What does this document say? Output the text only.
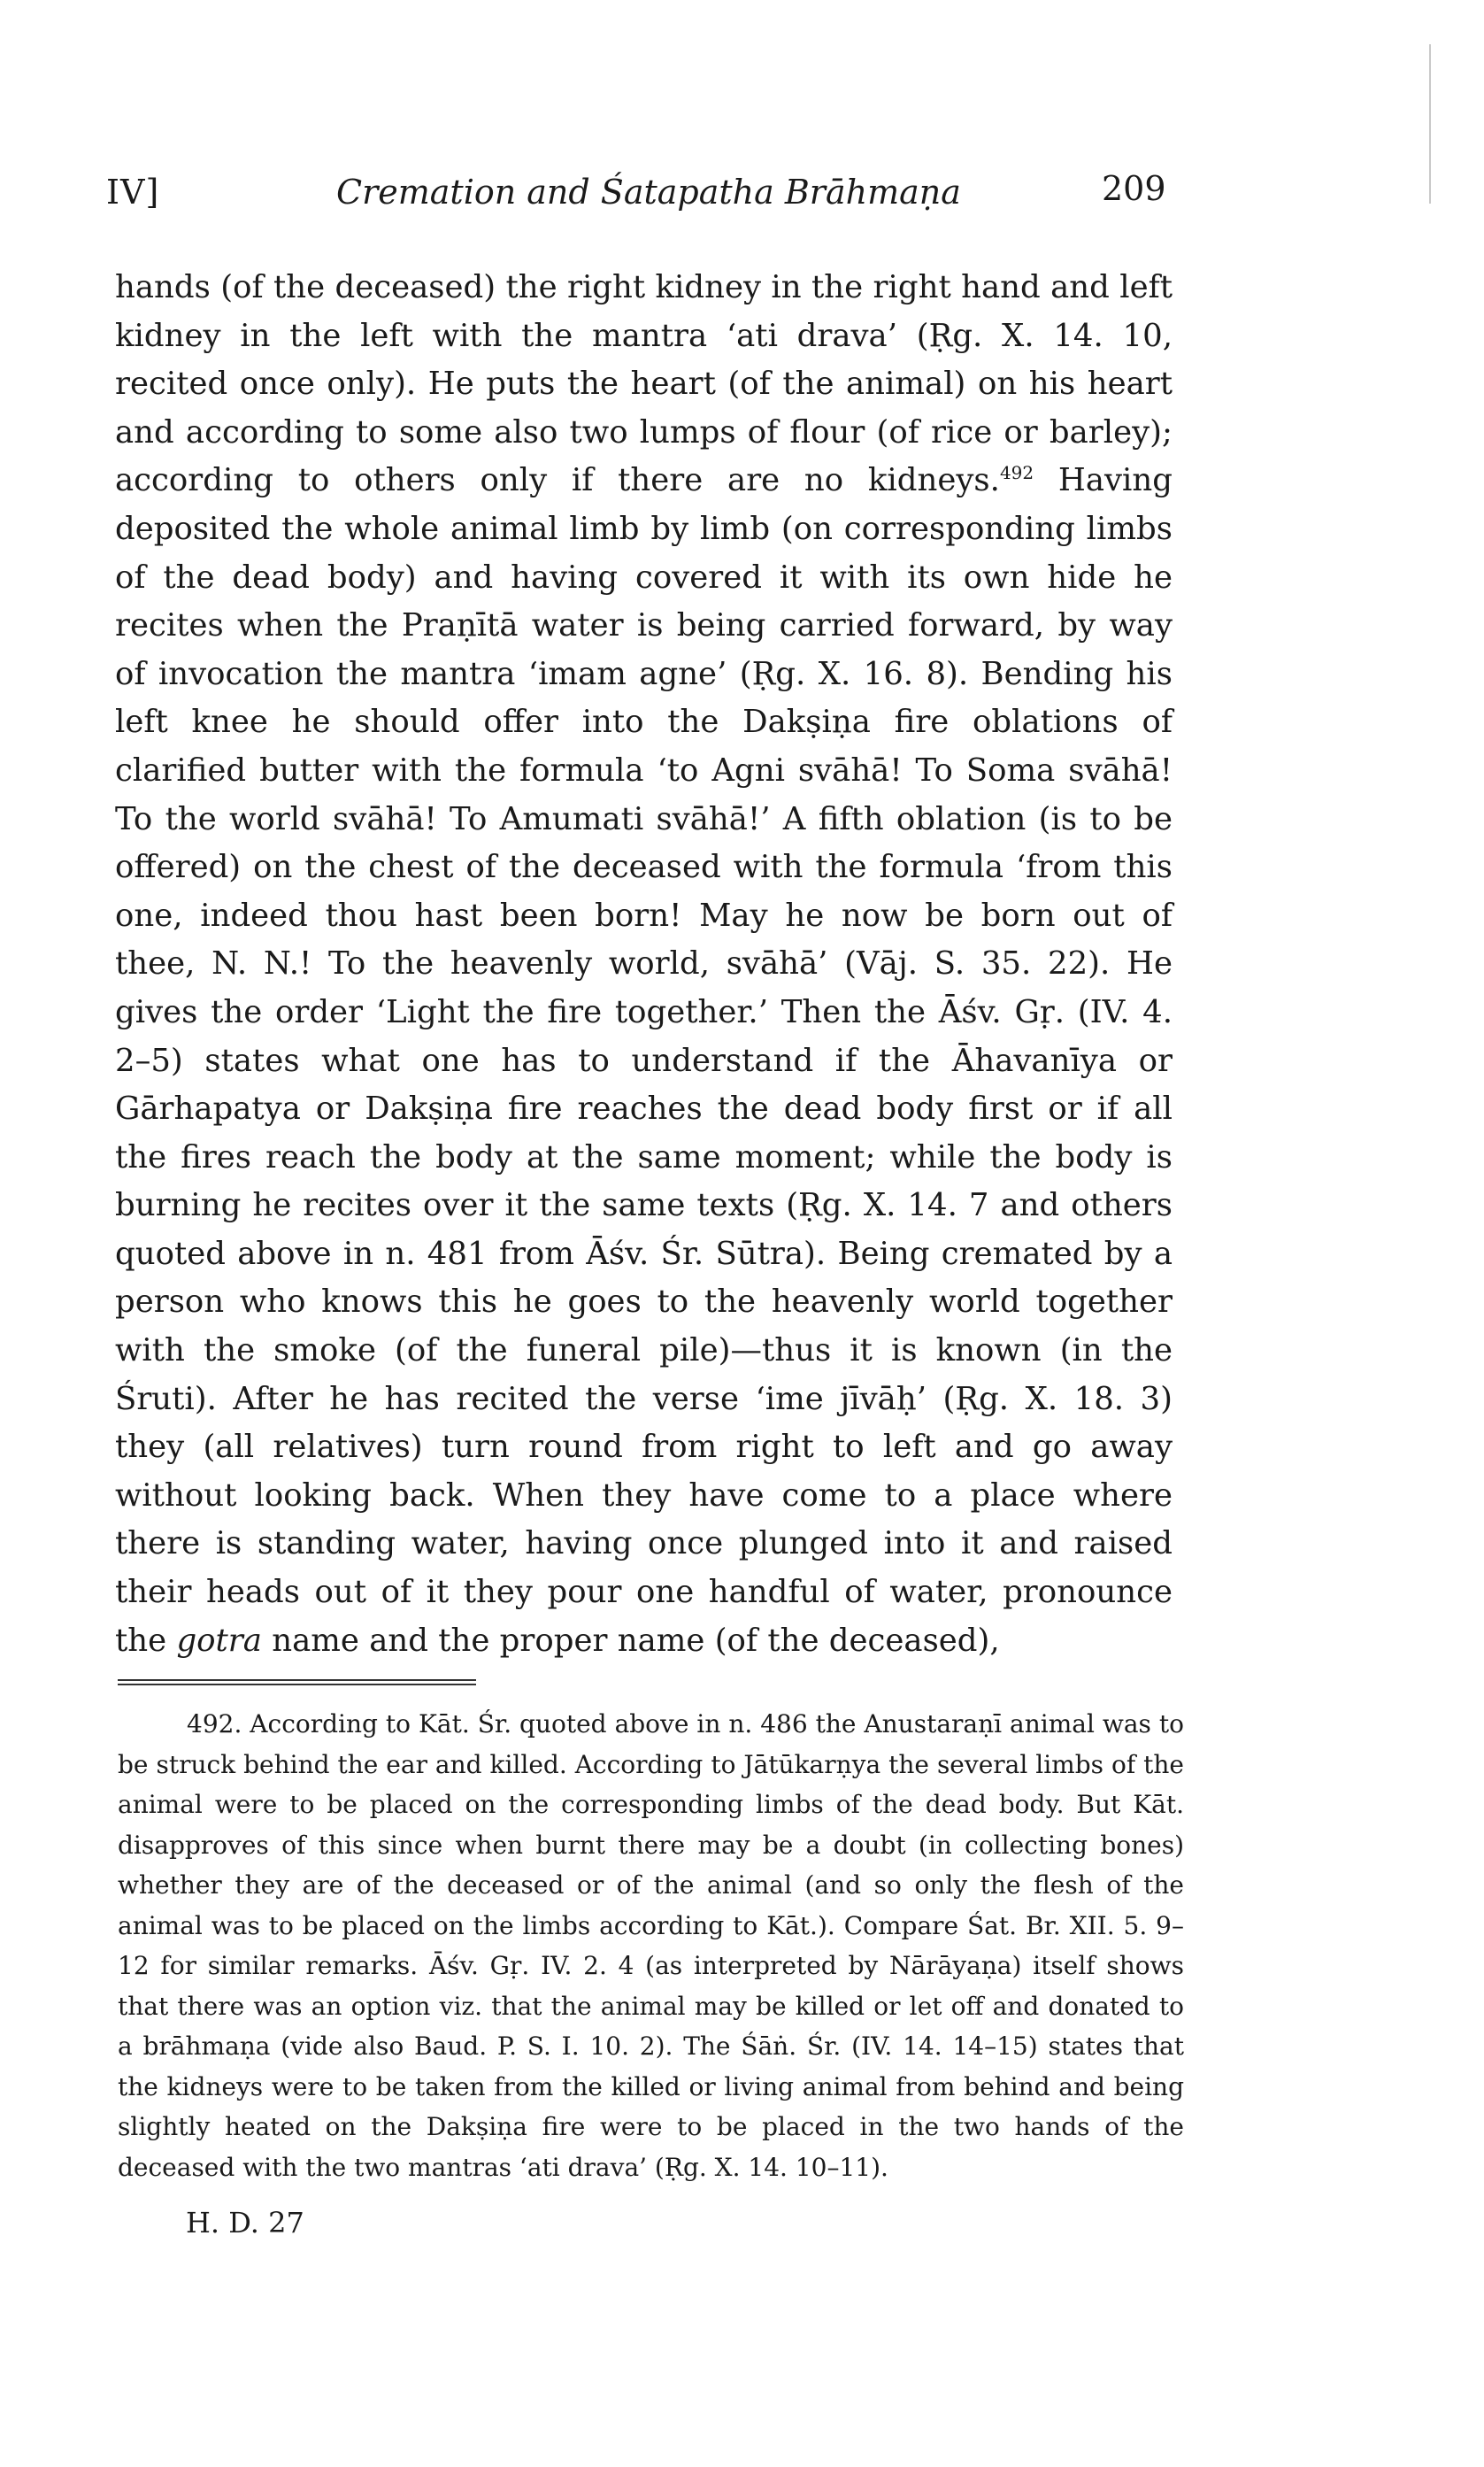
IV]	Cremation and Śatapatha Brāhmaṇa	209

hands (of the deceased) the right kidney in the right hand and left kidney in the left with the mantra ‘ati drava’ (Ṛg. X. 14. 10, recited once only). He puts the heart (of the animal) on his heart and according to some also two lumps of flour (of rice or barley); according to others only if there are no kidneys.$^{492}$ Having deposited the whole animal limb by limb (on corresponding limbs of the dead body) and having covered it with its own hide he recites when the Praṇītā water is being carried forward, by way of invocation the mantra ‘imam agne’ (Ṛg. X. 16. 8). Bending his left knee he should offer into the Dakṣiṇa fire oblations of clarified butter with the formula ‘to Agni svāhā! To Soma svāhā! To the world svāhā! To Amumati svāhā!’ A fifth oblation (is to be offered) on the chest of the deceased with the formula ‘from this one, indeed thou hast been born! May he now be born out of thee, N. N.! To the heavenly world, svāhā’ (Vāj. S. 35. 22). He gives the order ‘Light the fire together.’ Then the Āśv. Gṛ. (IV. 4. 2–5) states what one has to understand if the Āhavanīya or Gārhapatya or Dakṣiṇa fire reaches the dead body first or if all the fires reach the body at the same moment; while the body is burning he recites over it the same texts (Ṛg. X. 14. 7 and others quoted above in n. 481 from Āśv. Śr. Sūtra). Being cremated by a person who knows this he goes to the heavenly world together with the smoke (of the funeral pile)—thus it is known (in the Śruti). After he has recited the verse ‘ime jīvāḥ’ (Ṛg. X. 18. 3) they (all relatives) turn round from right to left and go away without looking back. When they have come to a place where there is standing water, having once plunged into it and raised their heads out of it they pour one handful of water, pronounce the gotra name and the proper name (of the deceased),

492. According to Kāt. Śr. quoted above in n. 486 the Anustaraṇī animal was to be struck behind the ear and killed. According to Jātūkarṇya the several limbs of the animal were to be placed on the corresponding limbs of the dead body. But Kāt. disapproves of this since when burnt there may be a doubt (in collecting bones) whether they are of the deceased or of the animal (and so only the flesh of the animal was to be placed on the limbs according to Kāt.). Compare Śat. Br. XII. 5. 9–12 for similar remarks. Āśv. Gṛ. IV. 2. 4 (as interpreted by Nārāyaṇa) itself shows that there was an option viz. that the animal may be killed or let off and donated to a brāhmaṇa (vide also Baud. P. S. I. 10. 2). The Śāṅ. Śr. (IV. 14. 14–15) states that the kidneys were to be taken from the killed or living animal from behind and being slightly heated on the Dakṣiṇa fire were to be placed in the two hands of the deceased with the two mantras ‘ati drava’ (Ṛg. X. 14. 10–11).
H. D. 27
